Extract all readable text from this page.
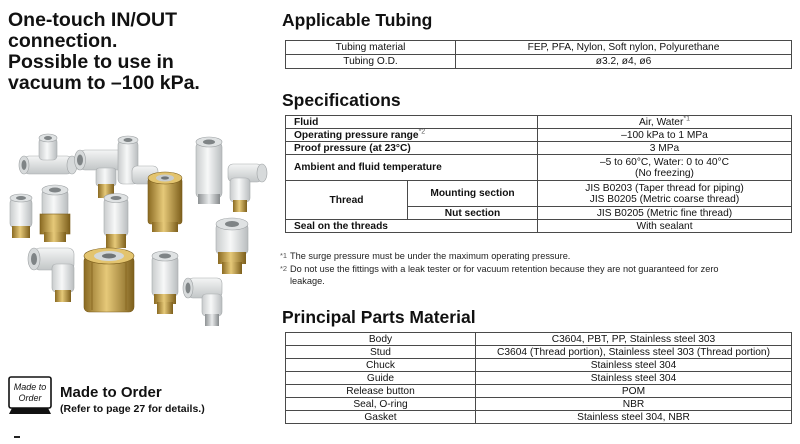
One-touch IN/OUT
connection.
Possible to use in
vacuum to –100 kPa.
Made to
Order Made to Order
(Refer to page 27 for details.)
Applicable Tubing
Tubing material	FEP, PFA, Nylon, Soft nylon, Polyurethane
Tubing O.D.	ø3.2, ø4, ø6
Specifications
Fluid		Air, Water$^{*1}$
Operating pressure range$^{*2}$		–100 kPa to 1 MPa
Proof pressure (at 23°C)		3 MPa
Ambient and fluid temperature		–5 to 60°C, Water: 0 to 40°C
(No freezing)

Thread	Mounting section	JIS B0203 (Taper thread for piping)
JIS B0205 (Metric coarse thread)

	Nut section	JIS B0205 (Metric fine thread)
Seal on the threads		With sealant
*1 The surge pressure must be under the maximum operating pressure.
*2 Do not use the fittings with a leak tester or for vacuum retention because they are not guaranteed for zero
leakage.
Principal Parts Material
Body	C3604, PBT, PP, Stainless steel 303
Stud	C3604 (Thread portion), Stainless steel 303 (Thread portion)
Chuck	Stainless steel 304
Guide	Stainless steel 304
Release button	POM
Seal, O-ring	NBR
Gasket	Stainless steel 304, NBR
